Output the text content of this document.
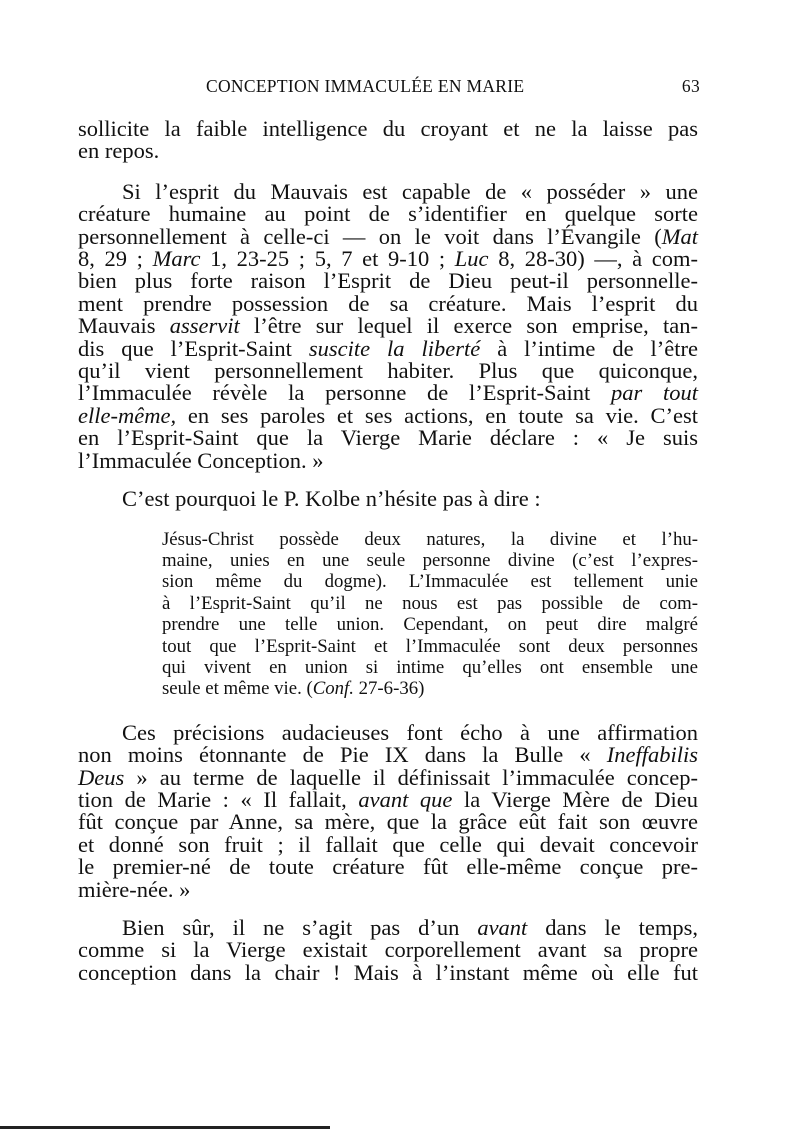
CONCEPTION IMMACULÉE EN MARIE	63
sollicite la faible intelligence du croyant et ne la laisse pas
en repos.
Si l’esprit du Mauvais est capable de « posséder » une
créature humaine au point de s’identifier en quelque sorte
personnellement à celle-ci — on le voit dans l’Évangile (Mat
8, 29 ; Marc 1, 23-25 ; 5, 7 et 9-10 ; Luc 8, 28-30) —, à com-
bien plus forte raison l’Esprit de Dieu peut-il personnelle-
ment prendre possession de sa créature. Mais l’esprit du
Mauvais asservit l’être sur lequel il exerce son emprise, tan-
dis que l’Esprit-Saint suscite la liberté à l’intime de l’être
qu’il vient personnellement habiter. Plus que quiconque,
l’Immaculée révèle la personne de l’Esprit-Saint par tout
elle-même, en ses paroles et ses actions, en toute sa vie. C’est
en l’Esprit-Saint que la Vierge Marie déclare : « Je suis
l’Immaculée Conception. »
C’est pourquoi le P. Kolbe n’hésite pas à dire :
Jésus-Christ possède deux natures, la divine et l’hu-
maine, unies en une seule personne divine (c’est l’expres-
sion même du dogme). L’Immaculée est tellement unie
à l’Esprit-Saint qu’il ne nous est pas possible de com-
prendre une telle union. Cependant, on peut dire malgré
tout que l’Esprit-Saint et l’Immaculée sont deux personnes
qui vivent en union si intime qu’elles ont ensemble une
seule et même vie. (Conf. 27-6-36)
Ces précisions audacieuses font écho à une affirmation
non moins étonnante de Pie IX dans la Bulle « Ineffabilis
Deus » au terme de laquelle il définissait l’immaculée concep-
tion de Marie : « Il fallait, avant que la Vierge Mère de Dieu
fût conçue par Anne, sa mère, que la grâce eût fait son œuvre
et donné son fruit ; il fallait que celle qui devait concevoir
le premier-né de toute créature fût elle-même conçue pre-
mière-née. »
Bien sûr, il ne s’agit pas d’un avant dans le temps,
comme si la Vierge existait corporellement avant sa propre
conception dans la chair ! Mais à l’instant même où elle fut
